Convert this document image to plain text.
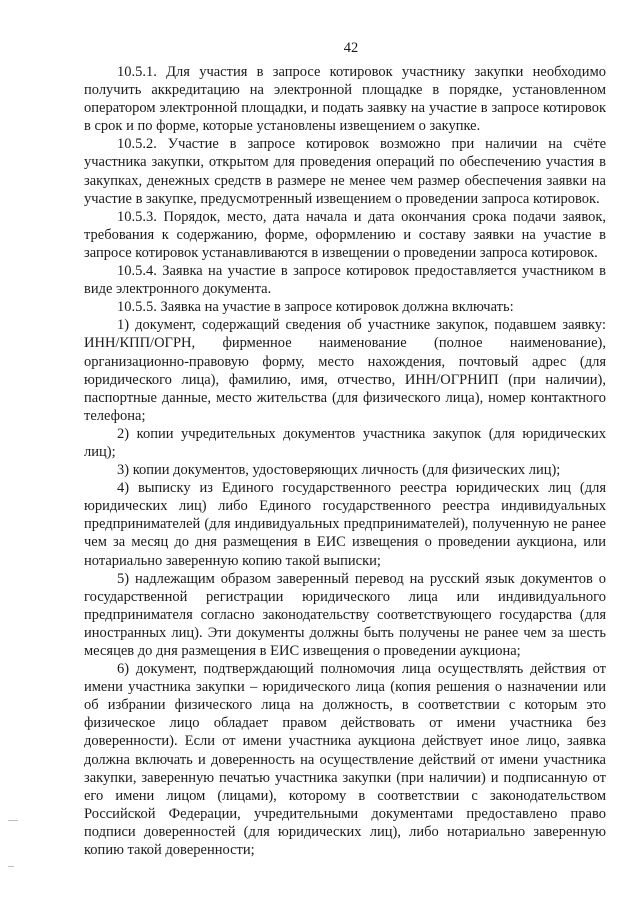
42

10.5.1. Для участия в запросе котировок участнику закупки необходимо получить аккредитацию на электронной площадке в порядке, установленном оператором электронной площадки, и подать заявку на участие в запросе котировок в срок и по форме, которые установлены извещением о закупке.

10.5.2. Участие в запросе котировок возможно при наличии на счёте участника закупки, открытом для проведения операций по обеспечению участия в закупках, денежных средств в размере не менее чем размер обеспечения заявки на участие в закупке, предусмотренный извещением о проведении запроса котировок.

10.5.3. Порядок, место, дата начала и дата окончания срока подачи заявок, требования к содержанию, форме, оформлению и составу заявки на участие в запросе котировок устанавливаются в извещении о проведении запроса котировок.

10.5.4. Заявка на участие в запросе котировок предоставляется участником в виде электронного документа.

10.5.5. Заявка на участие в запросе котировок должна включать:

1) документ, содержащий сведения об участнике закупок, подавшем заявку: ИНН/КПП/ОГРН, фирменное наименование (полное наименование), организационно-правовую форму, место нахождения, почтовый адрес (для юридического лица), фамилию, имя, отчество, ИНН/ОГРНИП (при наличии), паспортные данные, место жительства (для физического лица), номер контактного телефона;

2) копии учредительных документов участника закупок (для юридических лиц);

3) копии документов, удостоверяющих личность (для физических лиц);

4) выписку из Единого государственного реестра юридических лиц (для юридических лиц) либо Единого государственного реестра индивидуальных предпринимателей (для индивидуальных предпринимателей), полученную не ранее чем за месяц до дня размещения в ЕИС извещения о проведении аукциона, или нотариально заверенную копию такой выписки;

5) надлежащим образом заверенный перевод на русский язык документов о государственной регистрации юридического лица или индивидуального предпринимателя согласно законодательству соответствующего государства (для иностранных лиц). Эти документы должны быть получены не ранее чем за шесть месяцев до дня размещения в ЕИС извещения о проведении аукциона;

6) документ, подтверждающий полномочия лица осуществлять действия от имени участника закупки – юридического лица (копия решения о назначении или об избрании физического лица на должность, в соответствии с которым это физическое лицо обладает правом действовать от имени участника без доверенности). Если от имени участника аукциона действует иное лицо, заявка должна включать и доверенность на осуществление действий от имени участника закупки, заверенную печатью участника закупки (при наличии) и подписанную от его имени лицом (лицами), которому в соответствии с законодательством Российской Федерации, учредительными документами предоставлено право подписи доверенностей (для юридических лиц), либо нотариально заверенную копию такой доверенности;
